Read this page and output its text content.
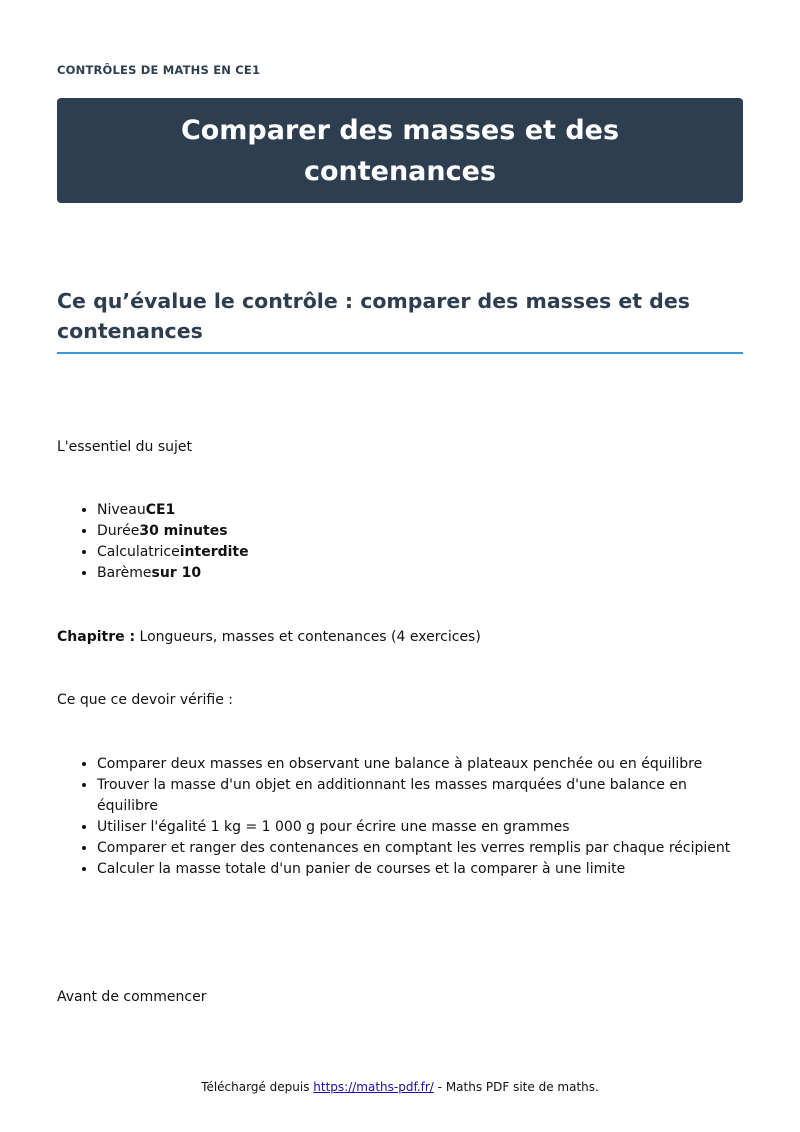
CONTRÔLES DE MATHS EN CE1
Comparer des masses et des contenances
Ce qu’évalue le contrôle : comparer des masses et des contenances

L'essentiel du sujet

• NiveauCE1
• Durée30 minutes
• Calculatriceinterdite
• Barèmesur 10

Chapitre : Longueurs, masses et contenances (4 exercices)

Ce que ce devoir vérifie :

• Comparer deux masses en observant une balance à plateaux penchée ou en équilibre
• Trouver la masse d'un objet en additionnant les masses marquées d'une balance en équilibre
• Utiliser l'égalité 1 kg = 1 000 g pour écrire une masse en grammes
• Comparer et ranger des contenances en comptant les verres remplis par chaque récipient
• Calculer la masse totale d'un panier de courses et la comparer à une limite

Avant de commencer

Téléchargé depuis https://maths-pdf.fr/ - Maths PDF site de maths.
